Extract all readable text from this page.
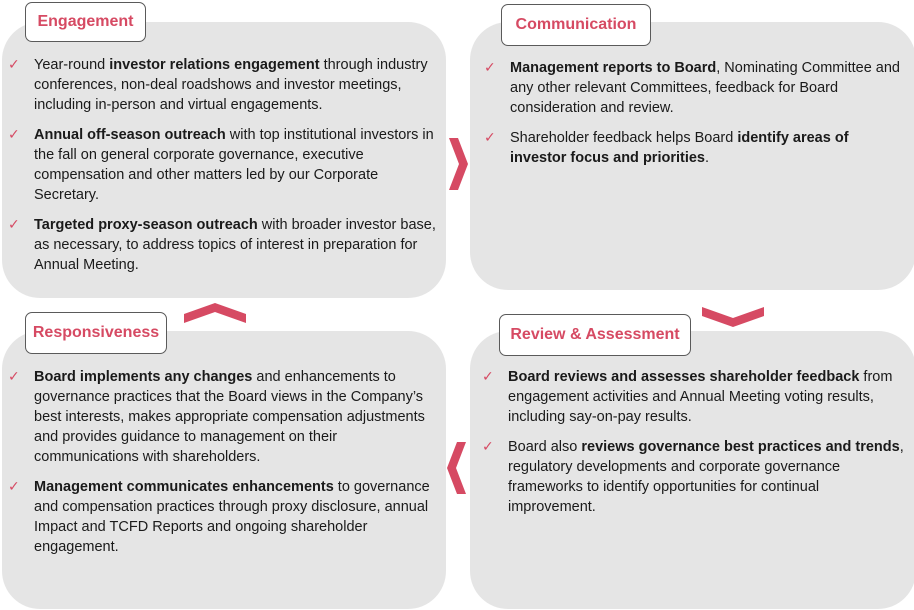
Engagement	Communication
Responsiveness	Review & Assessment
✓ Year-round investor relations engagement through industry conferences, non-deal roadshows and investor meetings, including in-person and virtual engagements.
✓ Annual off-season outreach with top institutional investors in the fall on general corporate governance, executive compensation and other matters led by our Corporate Secretary.
✓ Targeted proxy-season outreach with broader investor base, as necessary, to address topics of interest in preparation for Annual Meeting.
✓ Management reports to Board, Nominating Committee and any other relevant Committees, feedback for Board consideration and review.
✓ Shareholder feedback helps Board identify areas of investor focus and priorities.
✓ Board implements any changes and enhancements to governance practices that the Board views in the Company’s best interests, makes appropriate compensation adjustments and provides guidance to management on their communications with shareholders.
✓ Management communicates enhancements to governance and compensation practices through proxy disclosure, annual Impact and TCFD Reports and ongoing shareholder engagement.
✓ Board reviews and assesses shareholder feedback from engagement activities and Annual Meeting voting results, including say-on-pay results.
✓ Board also reviews governance best practices and trends, regulatory developments and corporate governance frameworks to identify opportunities for continual improvement.
